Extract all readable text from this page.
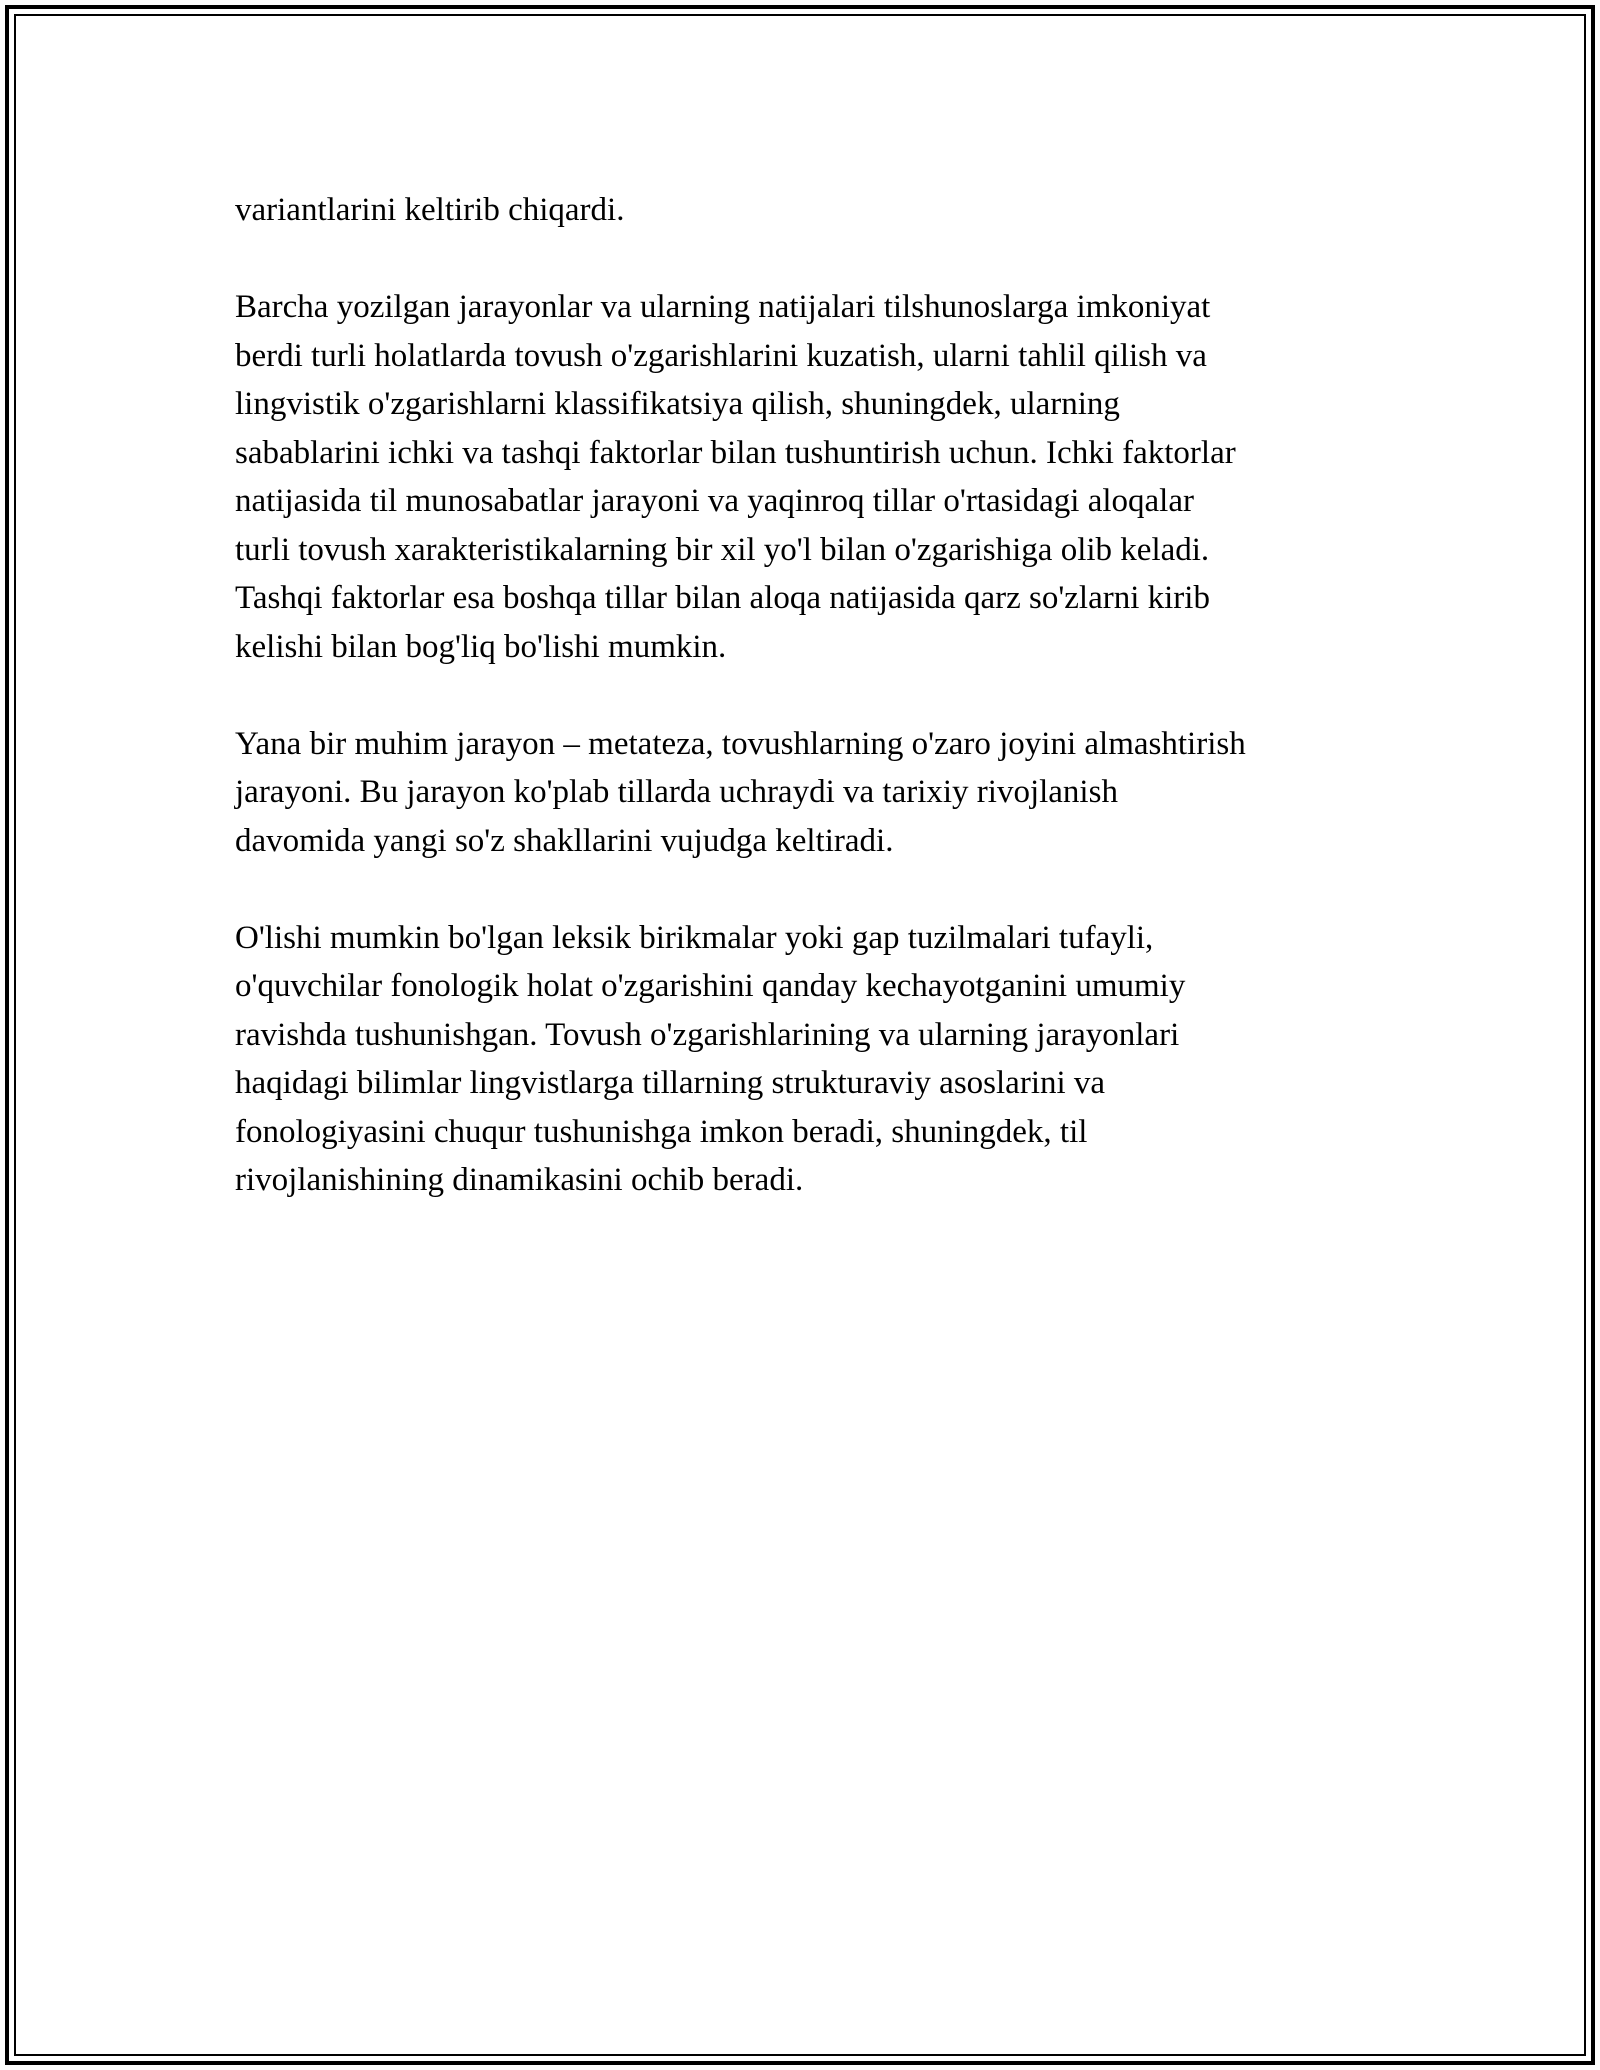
variantlarini keltirib chiqardi.

Barcha yozilgan jarayonlar va ularning natijalari tilshunoslarga imkoniyat
berdi turli holatlarda tovush o'zgarishlarini kuzatish, ularni tahlil qilish va
lingvistik o'zgarishlarni klassifikatsiya qilish, shuningdek, ularning
sabablarini ichki va tashqi faktorlar bilan tushuntirish uchun. Ichki faktorlar
natijasida til munosabatlar jarayoni va yaqinroq tillar o'rtasidagi aloqalar
turli tovush xarakteristikalarning bir xil yo'l bilan o'zgarishiga olib keladi.
Tashqi faktorlar esa boshqa tillar bilan aloqa natijasida qarz so'zlarni kirib
kelishi bilan bog'liq bo'lishi mumkin.

Yana bir muhim jarayon – metateza, tovushlarning o'zaro joyini almashtirish
jarayoni. Bu jarayon ko'plab tillarda uchraydi va tarixiy rivojlanish
davomida yangi so'z shakllarini vujudga keltiradi.

O'lishi mumkin bo'lgan leksik birikmalar yoki gap tuzilmalari tufayli,
o'quvchilar fonologik holat o'zgarishini qanday kechayotganini umumiy
ravishda tushunishgan. Tovush o'zgarishlarining va ularning jarayonlari
haqidagi bilimlar lingvistlarga tillarning strukturaviy asoslarini va
fonologiyasini chuqur tushunishga imkon beradi, shuningdek, til
rivojlanishining dinamikasini ochib beradi.
